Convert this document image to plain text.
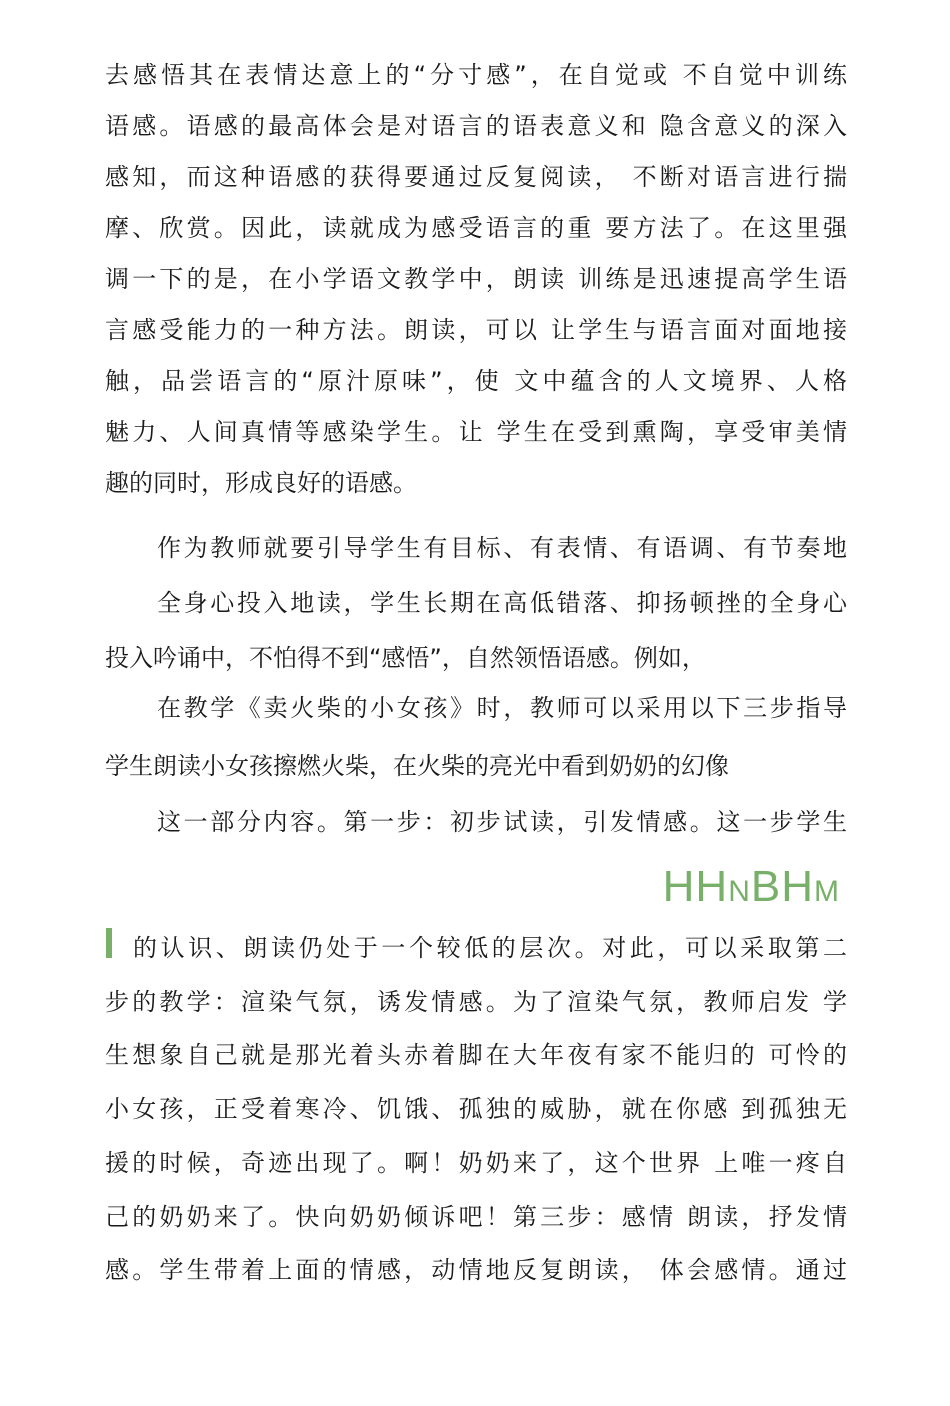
去感悟其在表情达意上的“分寸感”，在自觉或 不自觉中训练
语感。语感的最高体会是对语言的语表意义和 隐含意义的深入
感知，而这种语感的获得要通过反复阅读， 不断对语言进行揣
摩、欣赏。因此，读就成为感受语言的重 要方法了。在这里强
调一下的是，在小学语文教学中，朗读 训练是迅速提高学生语
言感受能力的一种方法。朗读，可以 让学生与语言面对面地接
触，品尝语言的“原汁原味”，使 文中蕴含的人文境界、人格
魅力、人间真情等感染学生。让 学生在受到熏陶，享受审美情
趣的同时，形成良好的语感。
作为教师就要引导学生有目标、有表情、有语调、有节奏地
全身心投入地读，学生长期在高低错落、抑扬顿挫的全身心
投入吟诵中，不怕得不到“感悟”，自然领悟语感。例如，
在教学《卖火柴的小女孩》时，教师可以采用以下三步指导
学生朗读小女孩擦燃火柴，在火柴的亮光中看到奶奶的幻像
这一部分内容。第一步：初步试读，引发情感。这一步学生
HHNBHM
的认识、朗读仍处于一个较低的层次。对此，可以采取第二
步的教学：渲染气氛，诱发情感。为了渲染气氛，教师启发 学
生想象自己就是那光着头赤着脚在大年夜有家不能归的 可怜的
小女孩，正受着寒冷、饥饿、孤独的威胁，就在你感 到孤独无
援的时候，奇迹出现了。啊！奶奶来了，这个世界 上唯一疼自
己的奶奶来了。快向奶奶倾诉吧！第三步：感情 朗读，抒发情
感。学生带着上面的情感，动情地反复朗读， 体会感情。通过
